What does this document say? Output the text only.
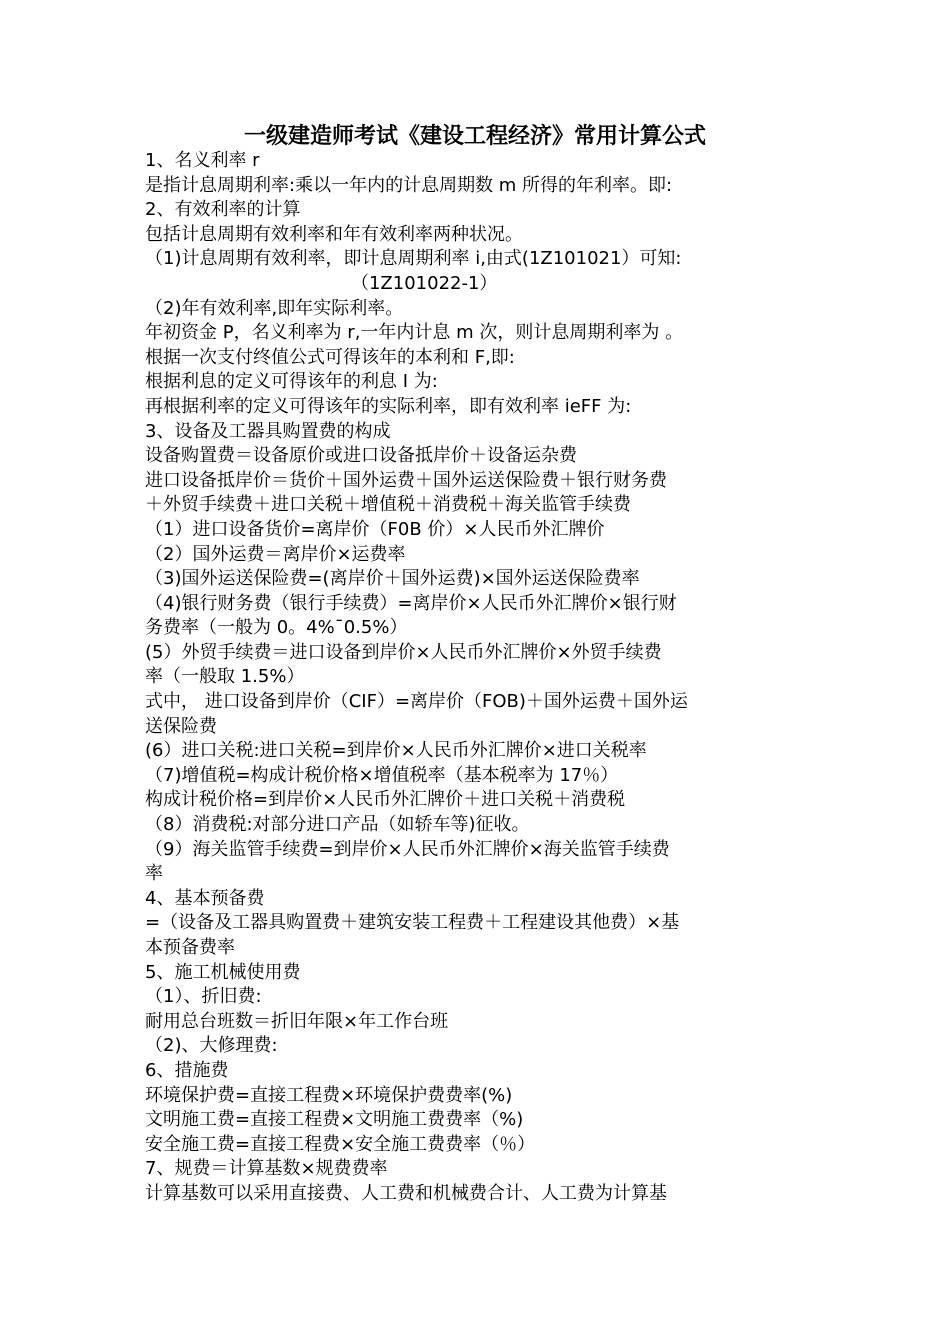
一级建造师考试《建设工程经济》常用计算公式
1、名义利率 r
是指计息周期利率:乘以一年内的计息周期数 m 所得的年利率。即:
2、有效利率的计算
包括计息周期有效利率和年有效利率两种状况。
（1)计息周期有效利率，即计息周期利率 i,由式(1Z101021）可知:
（1Z101022-1）
（2)年有效利率,即年实际利率。
年初资金 P，名义利率为 r,一年内计息 m 次，则计息周期利率为 。
根据一次支付终值公式可得该年的本利和 F,即:
根据利息的定义可得该年的利息 I 为:
再根据利率的定义可得该年的实际利率，即有效利率 ieFF 为:
3、设备及工器具购置费的构成
设备购置费＝设备原价或进口设备抵岸价＋设备运杂费
进口设备抵岸价＝货价＋国外运费＋国外运送保险费＋银行财务费
＋外贸手续费＋进口关税＋增值税＋消费税＋海关监管手续费
（1）进口设备货价=离岸价（F0B 价）×人民币外汇牌价
（2）国外运费＝离岸价×运费率
（3)国外运送保险费=(离岸价＋国外运费)×国外运送保险费率
（4)银行财务费（银行手续费）=离岸价×人民币外汇牌价×银行财
务费率（一般为 0。4%¯0.5%）
(5）外贸手续费＝进口设备到岸价×人民币外汇牌价×外贸手续费
率（一般取 1.5%）
式中， 进口设备到岸价（CIF）=离岸价（FOB)＋国外运费＋国外运
送保险费
(6）进口关税:进口关税=到岸价×人民币外汇牌价×进口关税率
（7)增值税=构成计税价格×增值税率（基本税率为 17％）
构成计税价格=到岸价×人民币外汇牌价＋进口关税＋消费税
（8）消费税:对部分进口产品（如轿车等)征收。
（9）海关监管手续费=到岸价×人民币外汇牌价×海关监管手续费
率
4、基本预备费
=（设备及工器具购置费＋建筑安装工程费＋工程建设其他费）×基
本预备费率
5、施工机械使用费
（1）、折旧费:
耐用总台班数＝折旧年限×年工作台班
（2)、大修理费:
6、措施费
环境保护费=直接工程费×环境保护费费率(%)
文明施工费=直接工程费×文明施工费费率（%)
安全施工费=直接工程费×安全施工费费率（％）
7、规费＝计算基数×规费费率
计算基数可以采用直接费、人工费和机械费合计、人工费为计算基
